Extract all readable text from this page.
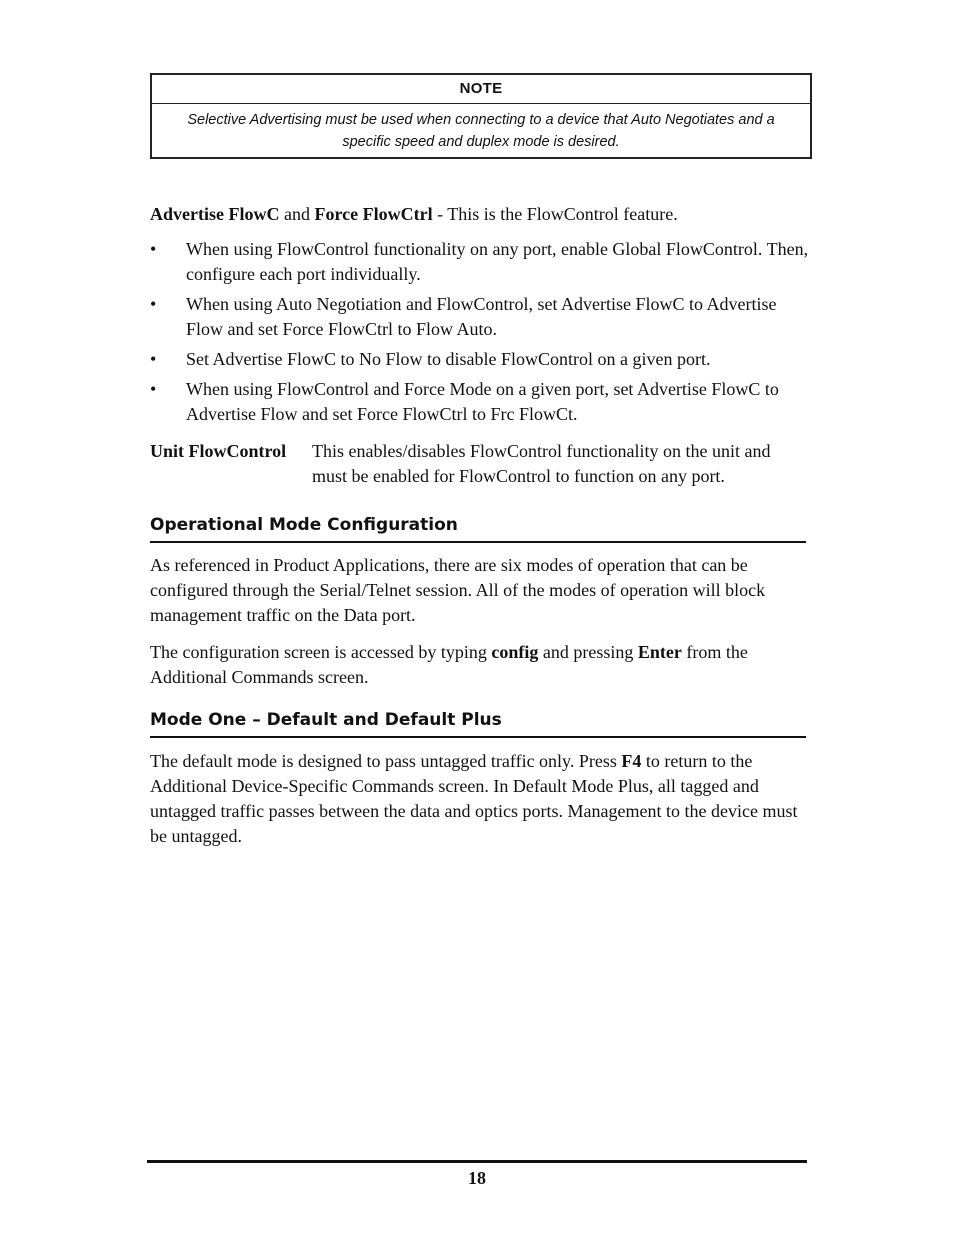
NOTE
Selective Advertising must be used when connecting to a device that Auto Negotiates and a specific speed and duplex mode is desired.

Advertise FlowC and Force FlowCtrl - This is the FlowControl feature.

•	When using FlowControl functionality on any port, enable Global FlowControl. Then, configure each port individually.
•	When using Auto Negotiation and FlowControl, set Advertise FlowC to Advertise Flow and set Force FlowCtrl to Flow Auto.
•	Set Advertise FlowC to No Flow to disable FlowControl on a given port.
•	When using FlowControl and Force Mode on a given port, set Advertise FlowC to Advertise Flow and set Force FlowCtrl to Frc FlowCt.
Unit FlowControl This enables/disables FlowControl functionality on the unit and must be enabled for FlowControl to function on any port.
Operational Mode Configuration

As referenced in Product Applications, there are six modes of operation that can be configured through the Serial/Telnet session. All of the modes of operation will block management traffic on the Data port.

The configuration screen is accessed by typing config and pressing Enter from the Additional Commands screen.

Mode One – Default and Default Plus

The default mode is designed to pass untagged traffic only. Press F4 to return to the Additional Device-Specific Commands screen. In Default Mode Plus, all tagged and untagged traffic passes between the data and optics ports. Management to the device must be untagged.

18
